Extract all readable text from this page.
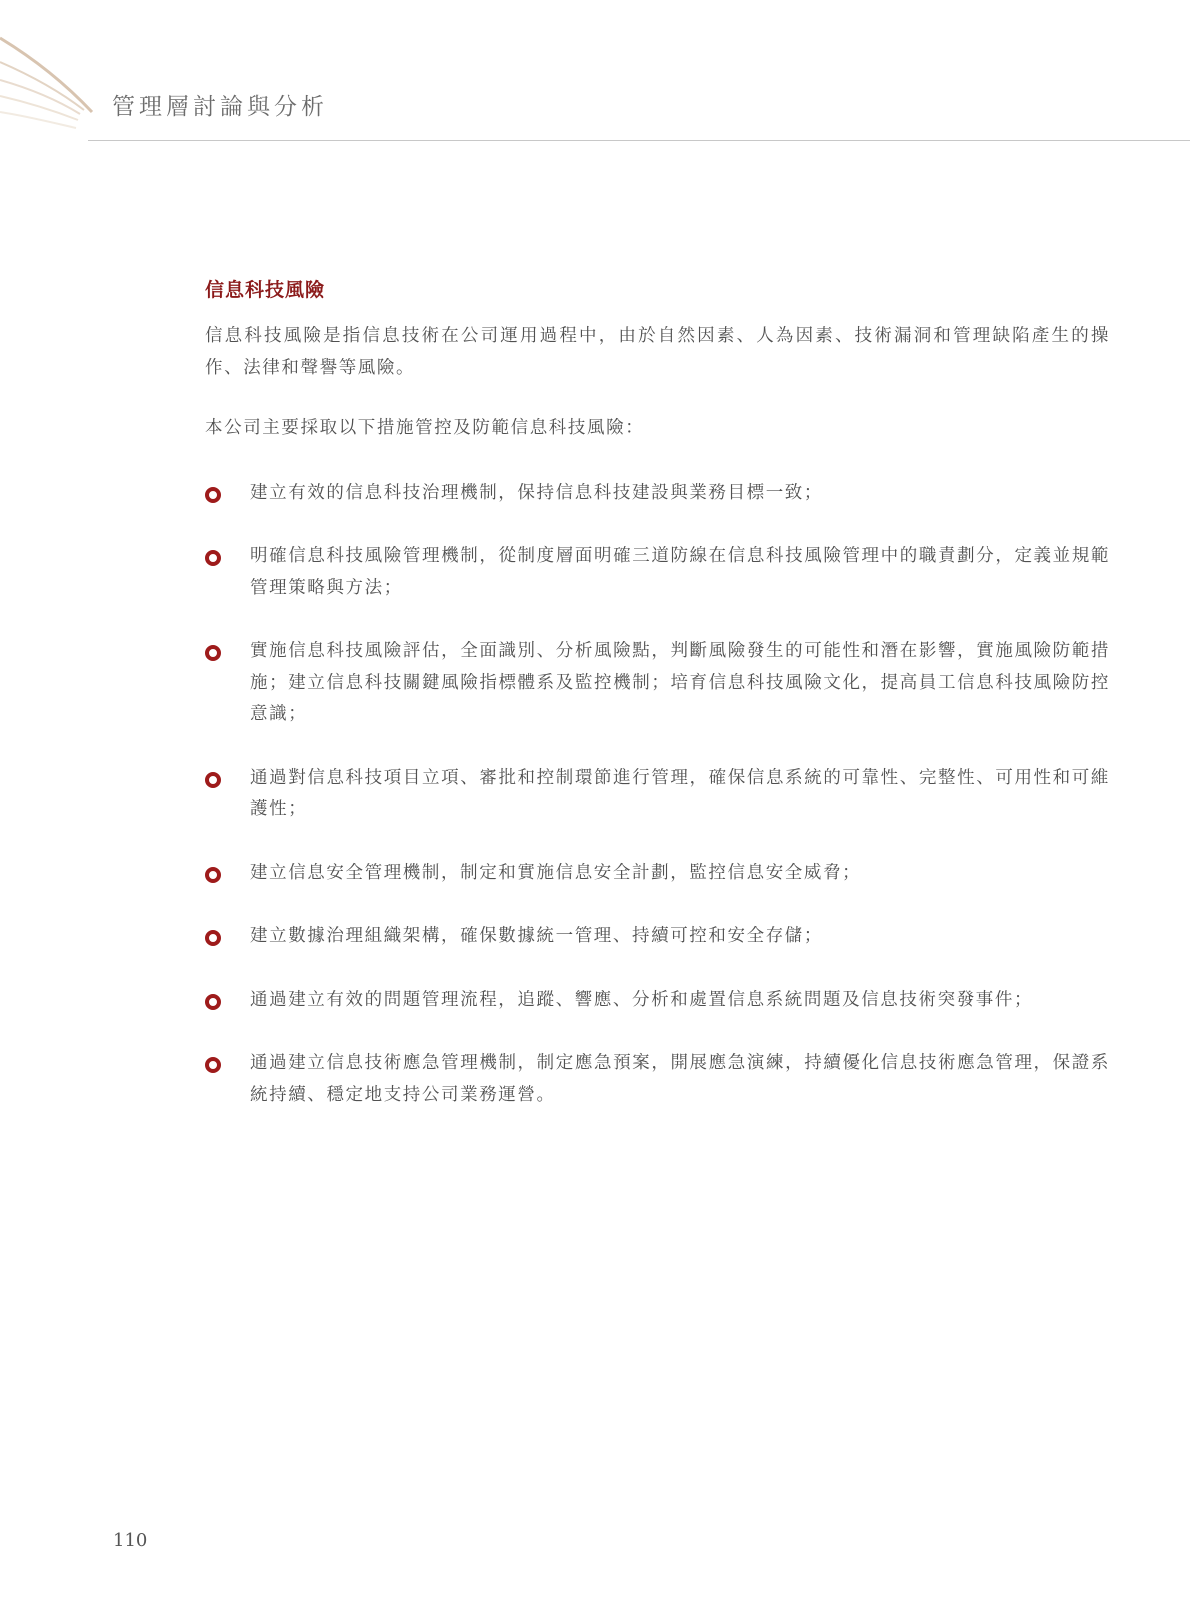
管理層討論與分析
信息科技風險

信息科技風險是指信息技術在公司運用過程中，由於自然因素、人為因素、技術漏洞和管理缺陷產生的操作、法律和聲譽等風險。

本公司主要採取以下措施管控及防範信息科技風險：

建立有效的信息科技治理機制，保持信息科技建設與業務目標一致；
明確信息科技風險管理機制，從制度層面明確三道防線在信息科技風險管理中的職責劃分，定義並規範管理策略與方法；
實施信息科技風險評估，全面識別、分析風險點，判斷風險發生的可能性和潛在影響，實施風險防範措施；建立信息科技關鍵風險指標體系及監控機制；培育信息科技風險文化，提高員工信息科技風險防控意識；
通過對信息科技項目立項、審批和控制環節進行管理，確保信息系統的可靠性、完整性、可用性和可維護性；
建立信息安全管理機制，制定和實施信息安全計劃，監控信息安全威脅；
建立數據治理組織架構，確保數據統一管理、持續可控和安全存儲；
通過建立有效的問題管理流程，追蹤、響應、分析和處置信息系統問題及信息技術突發事件；
通過建立信息技術應急管理機制，制定應急預案，開展應急演練，持續優化信息技術應急管理，保證系統持續、穩定地支持公司業務運營。
110
